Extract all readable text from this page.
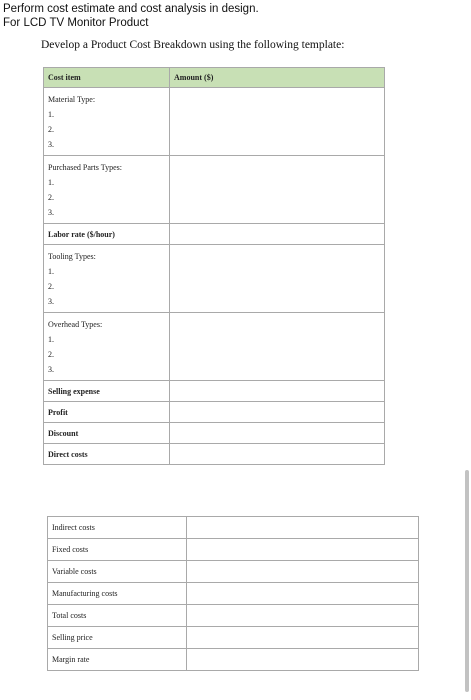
Perform cost estimate and cost analysis in design.
For LCD TV Monitor Product
Develop a Product Cost Breakdown using the following template:
Cost item	Amount ($)

Material Type:
1.
2.
3.	

Purchased Parts Types:
1.
2.
3.	

Labor rate ($/hour)	

Tooling Types:
1.
2.
3.	

Overhead Types:
1.
2.
3.	

Selling expense	
Profit	
Discount	
Direct costs	
Indirect costs	
Fixed costs	
Variable costs	
Manufacturing costs	
Total costs	
Selling price	
Margin rate	
